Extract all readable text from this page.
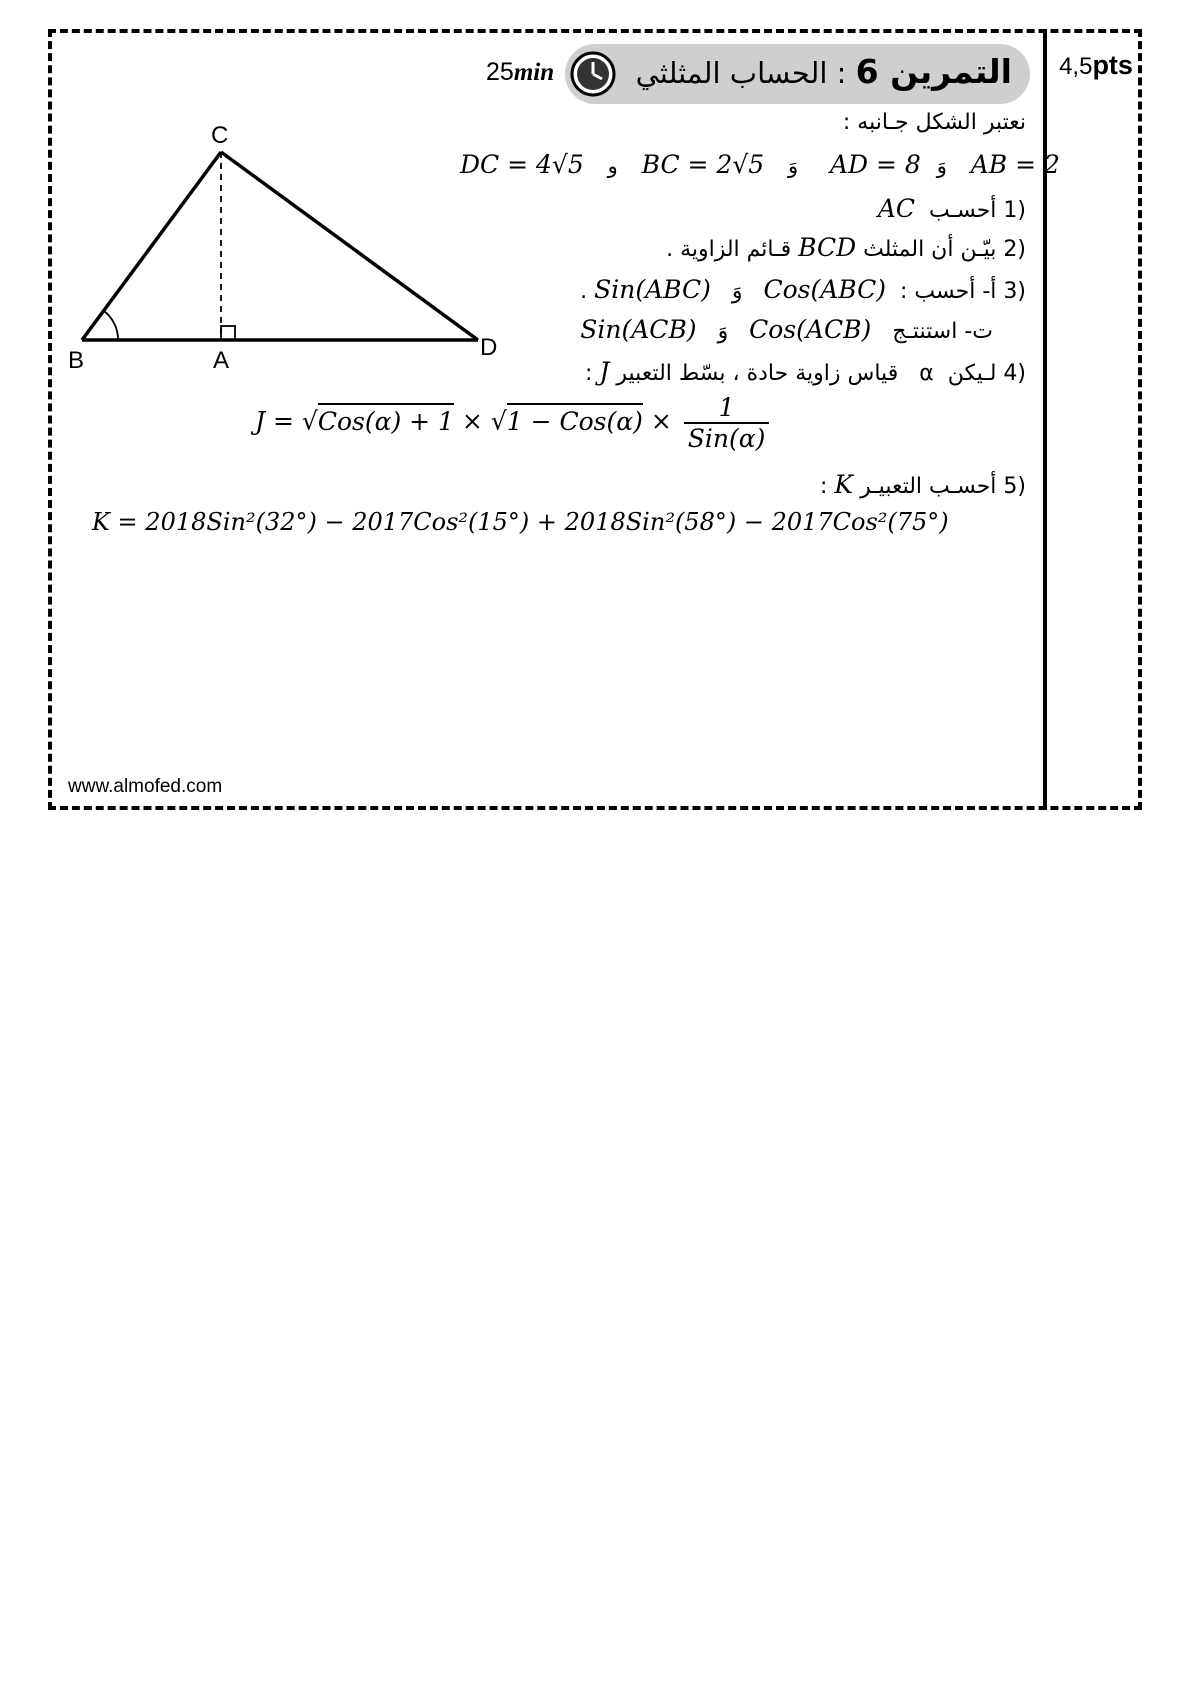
4,5pts
التمرين 6 : الحساب المثلثي
25min
نعتبر الشكل جـانبه :
DC = 4√5 و BC = 2√5 وَ AD = 8 وَ AB = 2
(1 أحسـب  AC
(2 بيّـن أن المثلث BCD قـائم الزاوية .
(3 أ- أحسب :  Cos(ABC)   وَ   Sin(ABC) .
ت- استنتـج   Cos(ACB)   وَ   Sin(ACB)
(4 لـيكن  α   قياس زاوية حادة ، بسّط التعبير J :
$J = √Cos(\alpha) + 1 \times √1 - Cos(\alpha) \times \frac{1}{\text{Sin(α)}}$
(5 أحسـب التعبيـر K :
K = 2018Sin²(32°) − 2017Cos²(15°) + 2018Sin²(58°) − 2017Cos²(75°)
C
B	A	D
www.almofed.com
